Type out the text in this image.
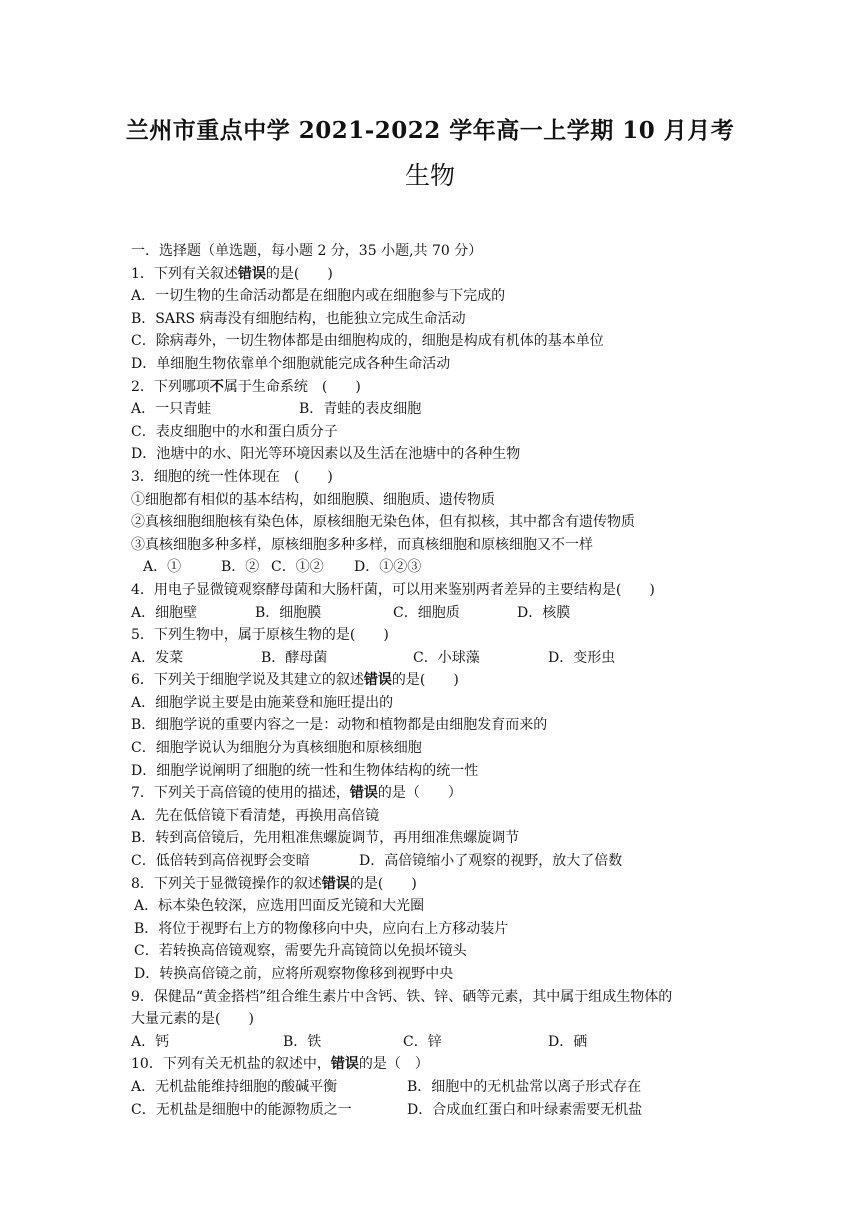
兰州市重点中学 2021-2022 学年高一上学期 10 月月考
生物
一．选择题（单选题，每小题 2 分，35 小题,共 70 分）
1．下列有关叙述错误的是(　　)
A．一切生物的生命活动都是在细胞内或在细胞参与下完成的
B．SARS 病毒没有细胞结构，也能独立完成生命活动
C．除病毒外，一切生物体都是由细胞构成的，细胞是构成有机体的基本单位
D．单细胞生物依靠单个细胞就能完成各种生命活动
2．下列哪项不属于生命系统　(　　)
A．一只青蛙	B．青蛙的表皮细胞
C．表皮细胞中的水和蛋白质分子
D．池塘中的水、阳光等环境因素以及生活在池塘中的各种生物
3．细胞的统一性体现在　(　　)
①细胞都有相似的基本结构，如细胞膜、细胞质、遗传物质
②真核细胞细胞核有染色体，原核细胞无染色体，但有拟核，其中都含有遗传物质
③真核细胞多种多样，原核细胞多种多样，而真核细胞和原核细胞又不一样
A．①	B．② C．①② D．①②③
4．用电子显微镜观察酵母菌和大肠杆菌，可以用来鉴别两者差异的主要结构是(　　)
A．细胞壁	B．细胞膜	C．细胞质	D．核膜
5．下列生物中，属于原核生物的是(　　)
A．发菜	B．酵母菌	C．小球藻	D．变形虫
6．下列关于细胞学说及其建立的叙述错误的是(　　)
A．细胞学说主要是由施莱登和施旺提出的
B．细胞学说的重要内容之一是：动物和植物都是由细胞发育而来的
C．细胞学说认为细胞分为真核细胞和原核细胞
D．细胞学说阐明了细胞的统一性和生物体结构的统一性
7．下列关于高倍镜的使用的描述，错误的是（　　）
A．先在低倍镜下看清楚，再换用高倍镜
B．转到高倍镜后，先用粗准焦螺旋调节，再用细准焦螺旋调节
C．低倍转到高倍视野会变暗	D．高倍镜缩小了观察的视野，放大了倍数
8．下列关于显微镜操作的叙述错误的是(　　)
A．标本染色较深，应选用凹面反光镜和大光圈
B．将位于视野右上方的物像移向中央，应向右上方移动装片
C．若转换高倍镜观察，需要先升高镜筒以免损坏镜头
D．转换高倍镜之前，应将所观察物像移到视野中央
9．保健品“黄金搭档”组合维生素片中含钙、铁、锌、硒等元素，其中属于组成生物体的
大量元素的是(　　)
A．钙	B．铁	C．锌	D．硒
10．下列有关无机盐的叙述中，错误的是（　）
A．无机盐能维持细胞的酸碱平衡	B．细胞中的无机盐常以离子形式存在
C．无机盐是细胞中的能源物质之一	D．合成血红蛋白和叶绿素需要无机盐
